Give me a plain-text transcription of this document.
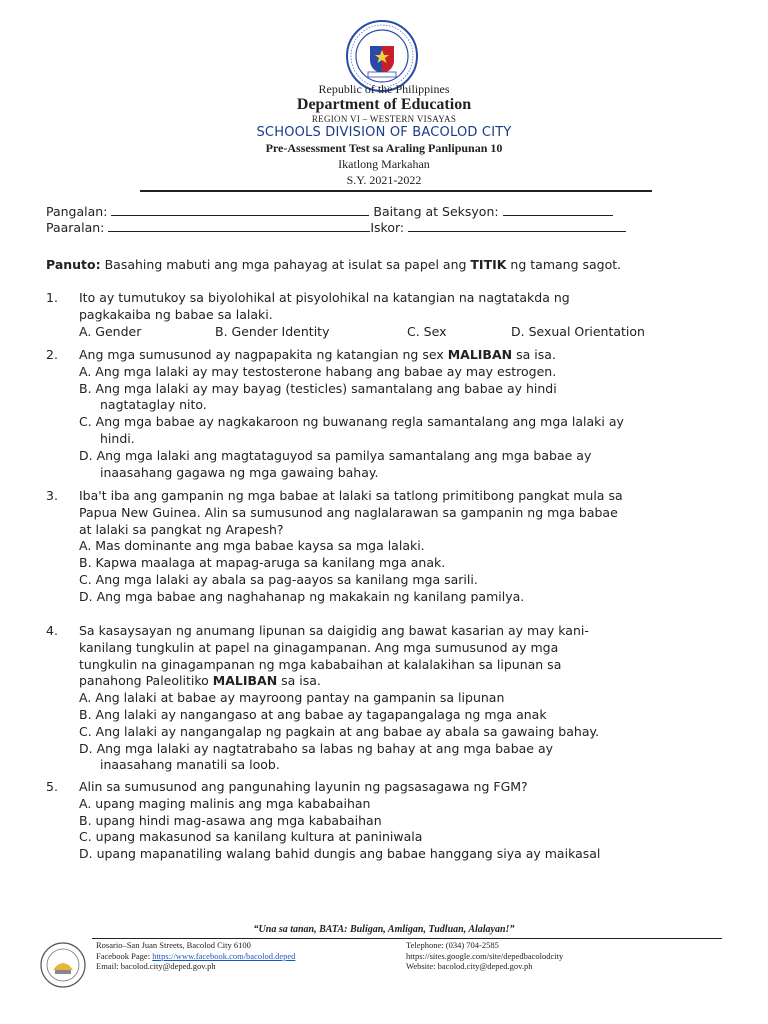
Republic of the Philippines
Department of Education
REGION VI – WESTERN VISAYAS
SCHOOLS DIVISION OF BACOLOD CITY
Pre-Assessment Test sa Araling Panlipunan 10
Ikatlong Markahan
S.Y. 2021-2022
Pangalan:	Baitang at Seksyon:
Paaralan:	Iskor:
Panuto: Basahing mabuti ang mga pahayag at isulat sa papel ang TITIK ng tamang sagot.
1. Ito ay tumutukoy sa biyolohikal at pisyolohikal na katangian na nagtatakda ng
pagkakaiba ng babae sa lalaki.
A. Gender	B. Gender Identity	C. Sex	D. Sexual Orientation
2. Ang mga sumusunod ay nagpapakita ng katangian ng sex MALIBAN sa isa.
A. Ang mga lalaki ay may testosterone habang ang babae ay may estrogen.
B. Ang mga lalaki ay may bayag (testicles) samantalang ang babae ay hindi
nagtataglay nito.
C. Ang mga babae ay nagkakaroon ng buwanang regla samantalang ang mga lalaki ay
hindi.
D. Ang mga lalaki ang magtataguyod sa pamilya samantalang ang mga babae ay
inaasahang gagawa ng mga gawaing bahay.
3. Iba't iba ang gampanin ng mga babae at lalaki sa tatlong primitibong pangkat mula sa
Papua New Guinea. Alin sa sumusunod ang naglalarawan sa gampanin ng mga babae
at lalaki sa pangkat ng Arapesh?
A. Mas dominante ang mga babae kaysa sa mga lalaki.
B. Kapwa maalaga at mapag-aruga sa kanilang mga anak.
C. Ang mga lalaki ay abala sa pag-aayos sa kanilang mga sarili.
D. Ang mga babae ang naghahanap ng makakain ng kanilang pamilya.
4. Sa kasaysayan ng anumang lipunan sa daigidig ang bawat kasarian ay may kani-
kanilang tungkulin at papel na ginagampanan. Ang mga sumusunod ay mga
tungkulin na ginagampanan ng mga kababaihan at kalalakihan sa lipunan sa
panahong Paleolitiko MALIBAN sa isa.
A. Ang lalaki at babae ay mayroong pantay na gampanin sa lipunan
B. Ang lalaki ay nangangaso at ang babae ay tagapangalaga ng mga anak
C. Ang lalaki ay nangangalap ng pagkain at ang babae ay abala sa gawaing bahay.
D. Ang mga lalaki ay nagtatrabaho sa labas ng bahay at ang mga babae ay
inaasahang manatili sa loob.
5. Alin sa sumusunod ang pangunahing layunin ng pagsasagawa ng FGM?
A. upang maging malinis ang mga kababaihan
B. upang hindi mag-asawa ang mga kababaihan
C. upang makasunod sa kanilang kultura at paniniwala
D. upang mapanatiling walang bahid dungis ang babae hanggang siya ay maikasal
“Una sa tanan, BATA: Buligan, Amligan, Tudluan, Alalayan!”
Rosario–San Juan Streets, Bacolod City 6100
Facebook Page: https://www.facebook.com/bacolod.deped
Email: bacolod.city@deped.gov.ph
Telephone: (034) 704-2585
https://sites.google.com/site/depedbacolodcity
Website: bacolod.city@deped.gov.ph
